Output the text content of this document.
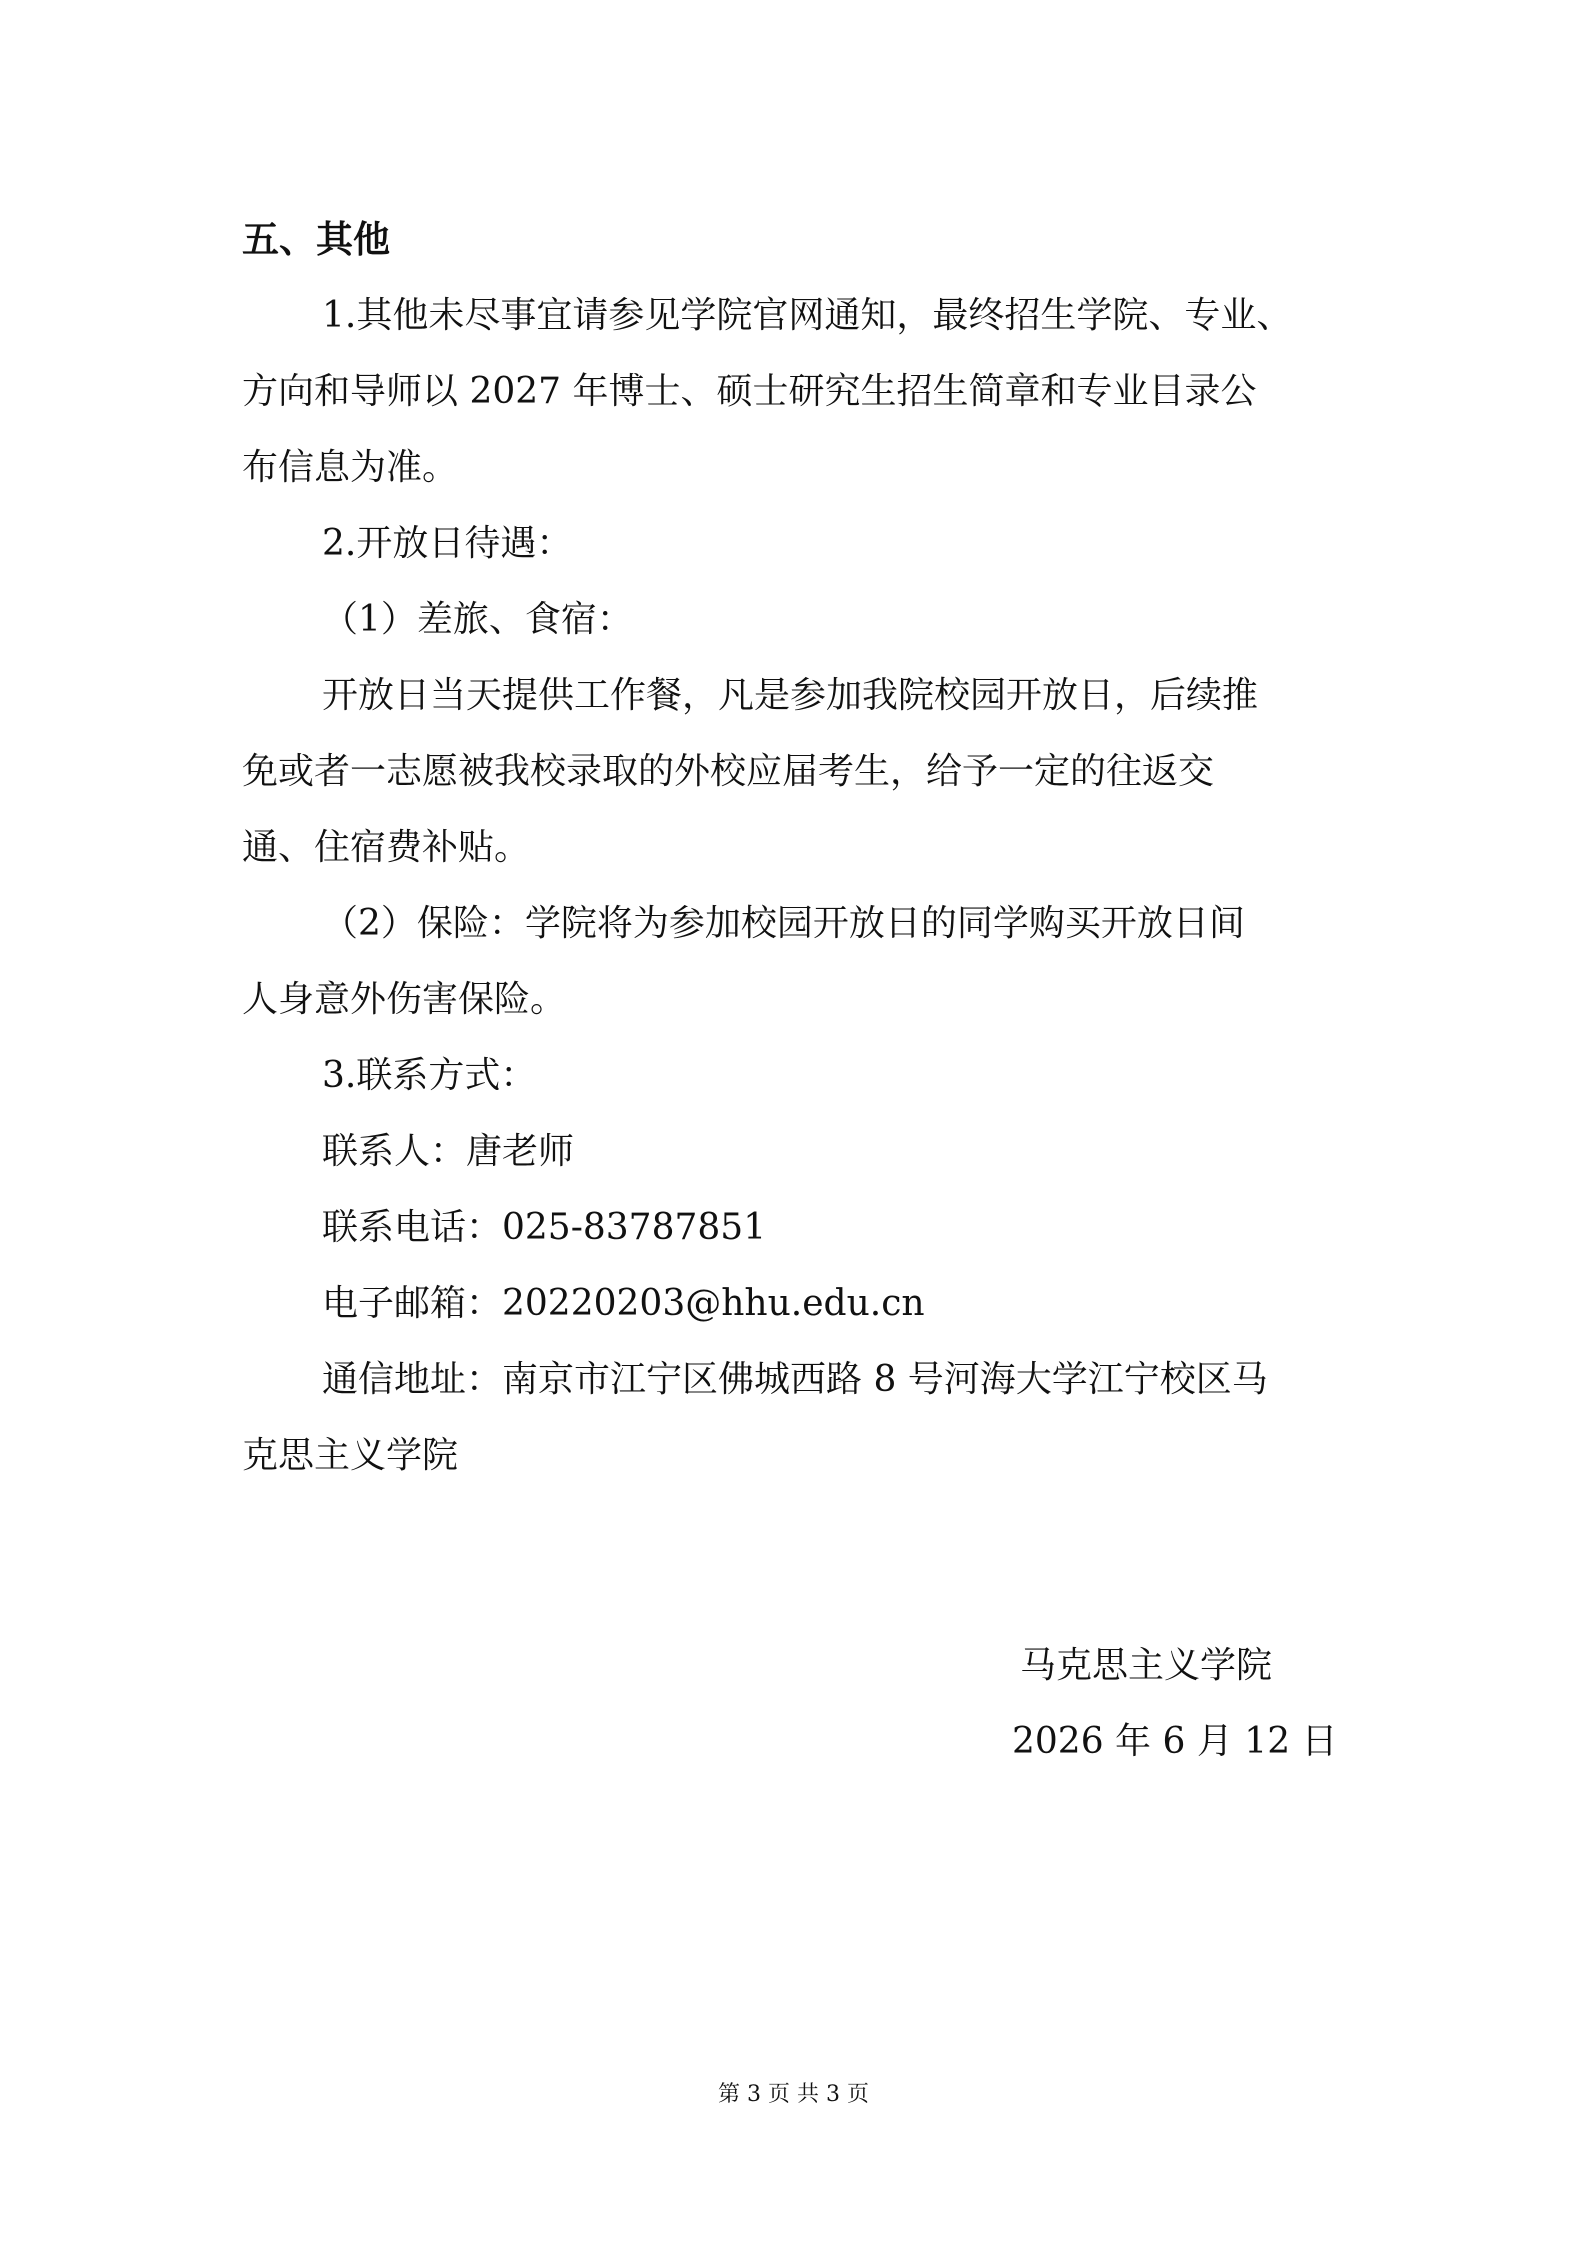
五、其他
1.其他未尽事宜请参见学院官网通知，最终招生学院、专业、
方向和导师以 2027 年博士、硕士研究生招生简章和专业目录公
布信息为准。
2.开放日待遇：
（1）差旅、食宿：
开放日当天提供工作餐，凡是参加我院校园开放日，后续推
免或者一志愿被我校录取的外校应届考生，给予一定的往返交
通、住宿费补贴。
（2）保险：学院将为参加校园开放日的同学购买开放日间
人身意外伤害保险。
3.联系方式：
联系人：唐老师
联系电话：025-83787851
电子邮箱：20220203@hhu.edu.cn
通信地址：南京市江宁区佛城西路 8 号河海大学江宁校区马
克思主义学院
马克思主义学院
2026 年 6 月 12 日
第 3 页 共 3 页
